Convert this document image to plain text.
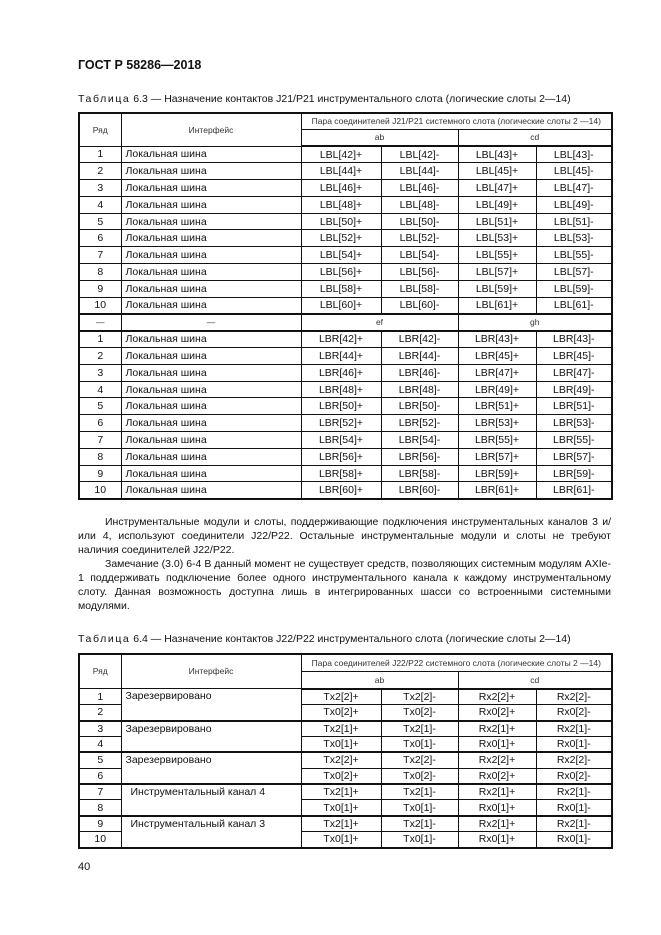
ГОСТ Р 58286—2018
Таблица 6.3 — Назначение контактов J21/P21 инструментального слота (логические слоты 2—14)
Ряд	Интерфейс	Пара соединителей J21/P21 системного слота (логические слоты 2 —14)			
		ab		cd	
1	Локальная шина	LBL[42]+	LBL[42]-	LBL[43]+	LBL[43]-
2	Локальная шина	LBL[44]+	LBL[44]-	LBL[45]+	LBL[45]-
3	Локальная шина	LBL[46]+	LBL[46]-	LBL[47]+	LBL[47]-
4	Локальная шина	LBL[48]+	LBL[48]-	LBL[49]+	LBL[49]-
5	Локальная шина	LBL[50]+	LBL[50]-	LBL[51]+	LBL[51]-
6	Локальная шина	LBL[52]+	LBL[52]-	LBL[53]+	LBL[53]-
7	Локальная шина	LBL[54]+	LBL[54]-	LBL[55]+	LBL[55]-
8	Локальная шина	LBL[56]+	LBL[56]-	LBL[57]+	LBL[57]-
9	Локальная шина	LBL[58]+	LBL[58]-	LBL[59]+	LBL[59]-
10	Локальная шина	LBL[60]+	LBL[60]-	LBL[61]+	LBL[61]-
—	—	ef		gh	
1	Локальная шина	LBR[42]+	LBR[42]-	LBR[43]+	LBR[43]-
2	Локальная шина	LBR[44]+	LBR[44]-	LBR[45]+	LBR[45]-
3	Локальная шина	LBR[46]+	LBR[46]-	LBR[47]+	LBR[47]-
4	Локальная шина	LBR[48]+	LBR[48]-	LBR[49]+	LBR[49]-
5	Локальная шина	LBR[50]+	LBR[50]-	LBR[51]+	LBR[51]-
6	Локальная шина	LBR[52]+	LBR[52]-	LBR[53]+	LBR[53]-
7	Локальная шина	LBR[54]+	LBR[54]-	LBR[55]+	LBR[55]-
8	Локальная шина	LBR[56]+	LBR[56]-	LBR[57]+	LBR[57]-
9	Локальная шина	LBR[58]+	LBR[58]-	LBR[59]+	LBR[59]-
10	Локальная шина	LBR[60]+	LBR[60]-	LBR[61]+	LBR[61]-

Инструментальные модули и слоты, поддерживающие подключения инструментальных каналов 3 и/или 4, используют соединители J22/P22. Остальные инструментальные модули и слоты не требуют наличия соединителей J22/P22.

Замечание (3.0) 6-4 В данный момент не существует средств, позволяющих системным модулям AXIe-1 поддерживать подключение более одного инструментального канала к каждому инструментальному слоту. Данная возможность доступна лишь в интегрированных шасси со встроенными системными модулями.

Таблица 6.4 — Назначение контактов J22/P22 инструментального слота (логические слоты 2—14)
Ряд	Интерфейс	Пара соединителей J22/P22 системного слота (логические слоты 2 —14)			
		ab		cd	
1	Зарезервировано	Tx2[2]+	Tx2[2]-	Rx2[2]+	Rx2[2]-
2		Tx0[2]+	Tx0[2]-	Rx0[2]+	Rx0[2]-
3	Зарезервировано	Tx2[1]+	Tx2[1]-	Rx2[1]+	Rx2[1]-
4		Tx0[1]+	Tx0[1]-	Rx0[1]+	Rx0[1]-
5	Зарезервировано	Tx2[2]+	Tx2[2]-	Rx2[2]+	Rx2[2]-
6		Tx0[2]+	Tx0[2]-	Rx0[2]+	Rx0[2]-
7	Инструментальный канал 4	Tx2[1]+	Tx2[1]-	Rx2[1]+	Rx2[1]-
8		Tx0[1]+	Tx0[1]-	Rx0[1]+	Rx0[1]-
9	Инструментальный канал 3	Tx2[1]+	Tx2[1]-	Rx2[1]+	Rx2[1]-
10		Tx0[1]+	Tx0[1]-	Rx0[1]+	Rx0[1]-
40
